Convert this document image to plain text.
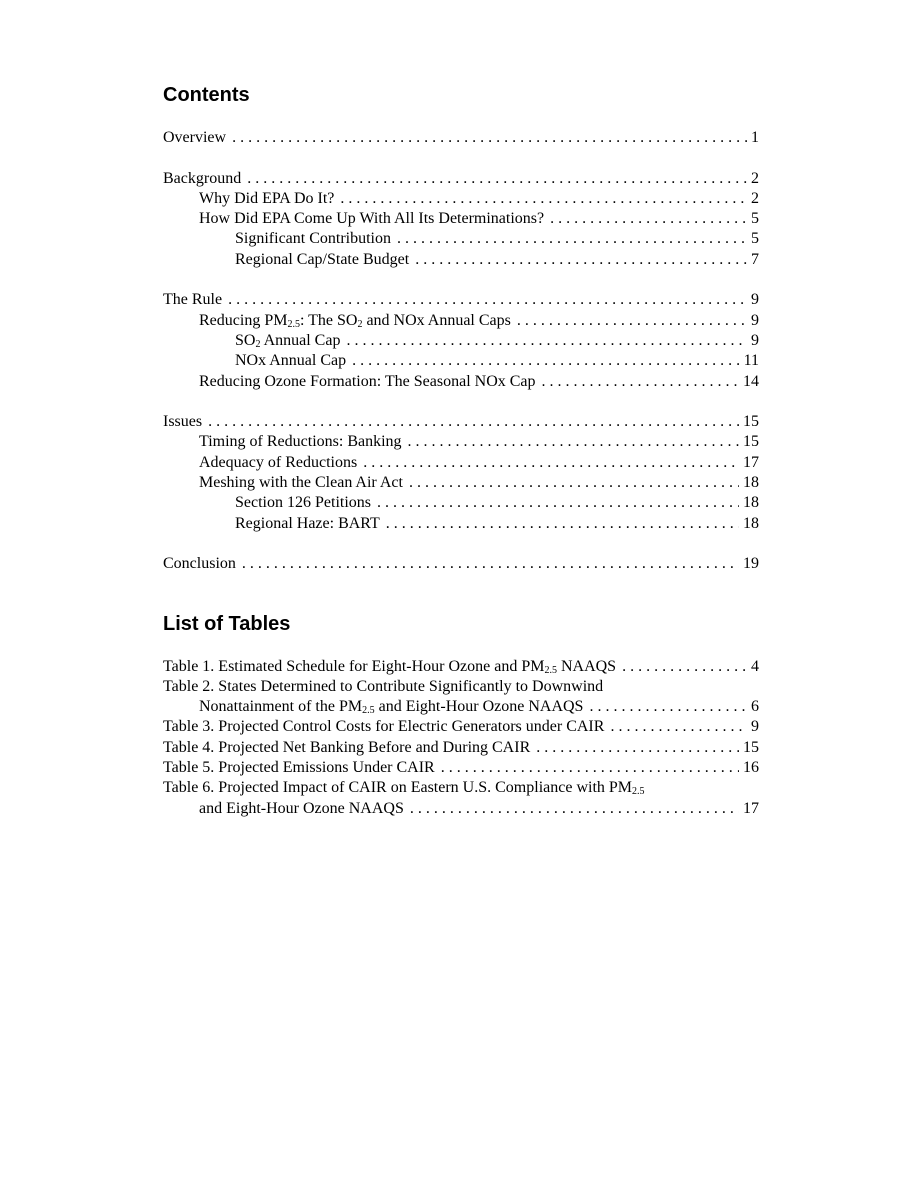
Contents
Overview . . .	1
Background . . .	2
Why Did EPA Do It? . . .	2
How Did EPA Come Up With All Its Determinations? . . .	5
Significant Contribution . . .	5
Regional Cap/State Budget . . .	7
The Rule . . .	9
Reducing $PM_{2.5}$: The $SO_2$ and NOx Annual Caps . . .	9
$SO_2$ Annual Cap . . .	9
NOx Annual Cap . . .	11
Reducing Ozone Formation: The Seasonal NOx Cap . . .	14
Issues . . .	15
Timing of Reductions: Banking . . .	15
Adequacy of Reductions . . .	17
Meshing with the Clean Air Act . . .	18
Section 126 Petitions . . .	18
Regional Haze: BART . . .	18
Conclusion . . .	19
List of Tables
Table 1. Estimated Schedule for Eight-Hour Ozone and $PM_{2.5}$ NAAQS . . .	4
Table 2. States Determined to Contribute Significantly to Downwind
Nonattainment of the $PM_{2.5}$ and Eight-Hour Ozone NAAQS . . .	6
Table 3. Projected Control Costs for Electric Generators under CAIR . . .	9
Table 4. Projected Net Banking Before and During CAIR . . .	15
Table 5. Projected Emissions Under CAIR . . .	16
Table 6. Projected Impact of CAIR on Eastern U.S. Compliance with $PM_{2.5}$
and Eight-Hour Ozone NAAQS . . .	17
